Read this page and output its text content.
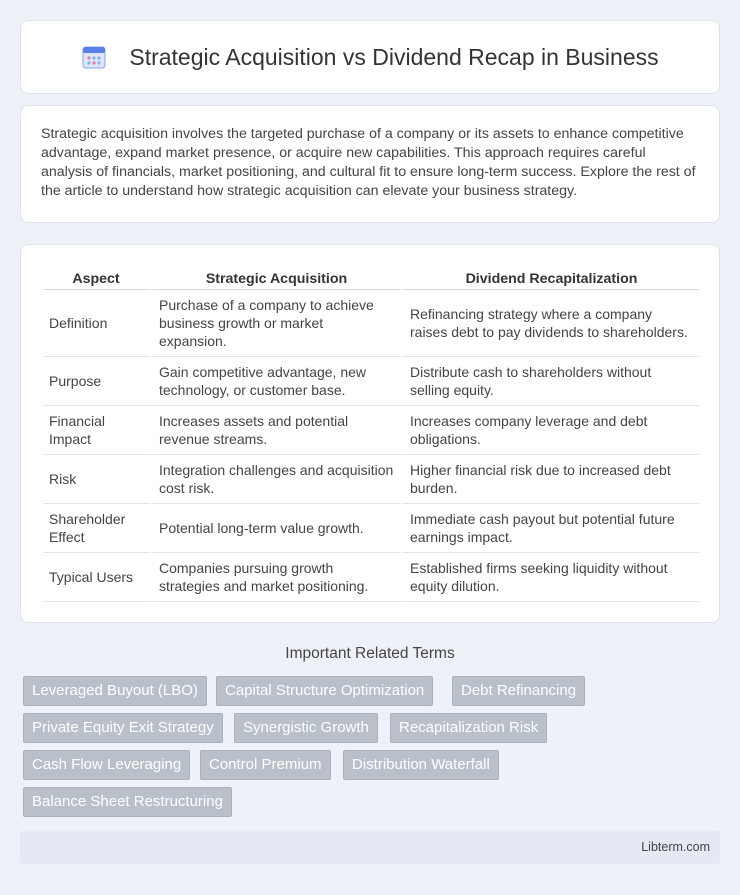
Strategic Acquisition vs Dividend Recap in Business

Strategic acquisition involves the targeted purchase of a company or its assets to enhance competitive advantage, expand market presence, or acquire new capabilities. This approach requires careful analysis of financials, market positioning, and cultural fit to ensure long-term success. Explore the rest of the article to understand how strategic acquisition can elevate your business strategy.

Aspect	Strategic Acquisition	Dividend Recapitalization
Definition	Purchase of a company to achieve business growth or market expansion.	Refinancing strategy where a company raises debt to pay dividends to shareholders.
Purpose	Gain competitive advantage, new technology, or customer base.	Distribute cash to shareholders without selling equity.
Financial Impact	Increases assets and potential revenue streams.	Increases company leverage and debt obligations.
Risk	Integration challenges and acquisition cost risk.	Higher financial risk due to increased debt burden.
Shareholder Effect	Potential long-term value growth.	Immediate cash payout but potential future earnings impact.
Typical Users	Companies pursuing growth strategies and market positioning.	Established firms seeking liquidity without equity dilution.
Important Related Terms
Leveraged Buyout (LBO)	Capital Structure Optimization	Debt Refinancing
Private Equity Exit Strategy	Synergistic Growth	Recapitalization Risk
Cash Flow Leveraging	Control Premium	Distribution Waterfall
Balance Sheet Restructuring
Libterm.com
